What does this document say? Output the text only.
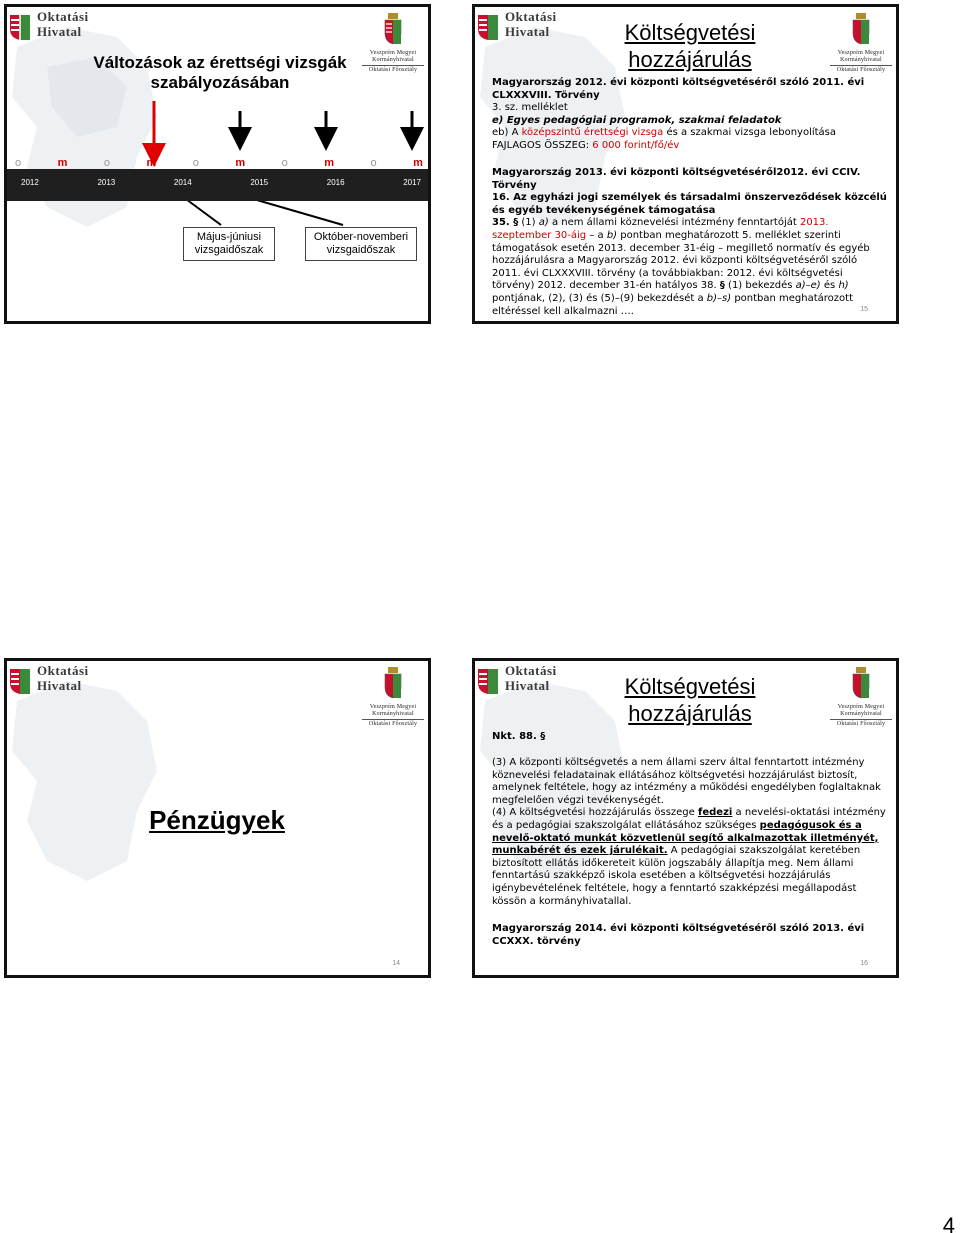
Oktatási
Hivatal
Veszprém Megyei
Kormányhivatal
Oktatási Főosztály
Változások az érettségi vizsgák szabályozásában
o	m	o	m	o	m	o	m	o	m
2012	2013	2014	2015	2016	2017
Május-júniusi vizsgaidőszak
Október-novemberi vizsgaidőszak
Oktatási
Hivatal
Veszprém Megyei
Kormányhivatal
Oktatási Főosztály
Költségvetési hozzájárulás
Magyarország 2012. évi központi költségvetéséről szóló 2011. évi CLXXXVIII. Törvény
3. sz. melléklet
e) Egyes pedagógiai programok, szakmai feladatok
eb) A középszintű érettségi vizsga és a szakmai vizsga lebonyolítása
FAJLAGOS ÖSSZEG: 6 000 forint/fő/év
Magyarország 2013. évi központi költségvetéséről2012. évi CCIV. Törvény
16. Az egyházi jogi személyek és társadalmi önszerveződések közcélú és egyéb tevékenységének támogatása
35. § (1) a) a nem állami köznevelési intézmény fenntartóját 2013. szeptember 30-áig – a b) pontban meghatározott 5. melléklet szerinti támogatások esetén 2013. december 31-éig – megillető normatív és egyéb hozzájárulásra a Magyarország 2012. évi központi költségvetéséről szóló 2011. évi CLXXXVIII. törvény (a továbbiakban: 2012. évi költségvetési törvény) 2012. december 31-én hatályos 38. § (1) bekezdés a)–e) és h) pontjának, (2), (3) és (5)–(9) bekezdését a b)–s) pontban meghatározott eltéréssel kell alkalmazni ….	15
Oktatási
Hivatal
Veszprém Megyei
Kormányhivatal
Oktatási Főosztály
Pénzügyek
14
Oktatási
Hivatal
Veszprém Megyei
Kormányhivatal
Oktatási Főosztály
Költségvetési hozzájárulás
Nkt. 88. §
(3) A központi költségvetés a nem állami szerv által fenntartott intézmény köznevelési feladatainak ellátásához költségvetési hozzájárulást biztosít, amelynek feltétele, hogy az intézmény a működési engedélyben foglaltaknak megfelelően végzi tevékenységét.
(4) A költségvetési hozzájárulás összege fedezi a nevelési-oktatási intézmény és a pedagógiai szakszolgálat ellátásához szükséges pedagógusok és a nevelő-oktató munkát közvetlenül segítő alkalmazottak illetményét, munkabérét és ezek járulékait. A pedagógiai szakszolgálat keretében biztosított ellátás időkereteit külön jogszabály állapítja meg. Nem állami fenntartású szakképző iskola esetében a költségvetési hozzájárulás igénybevételének feltétele, hogy a fenntartó szakképzési megállapodást kössön a kormányhivatallal.
Magyarország 2014. évi központi költségvetéséről szóló 2013. évi CCXXX. törvény
16
4
